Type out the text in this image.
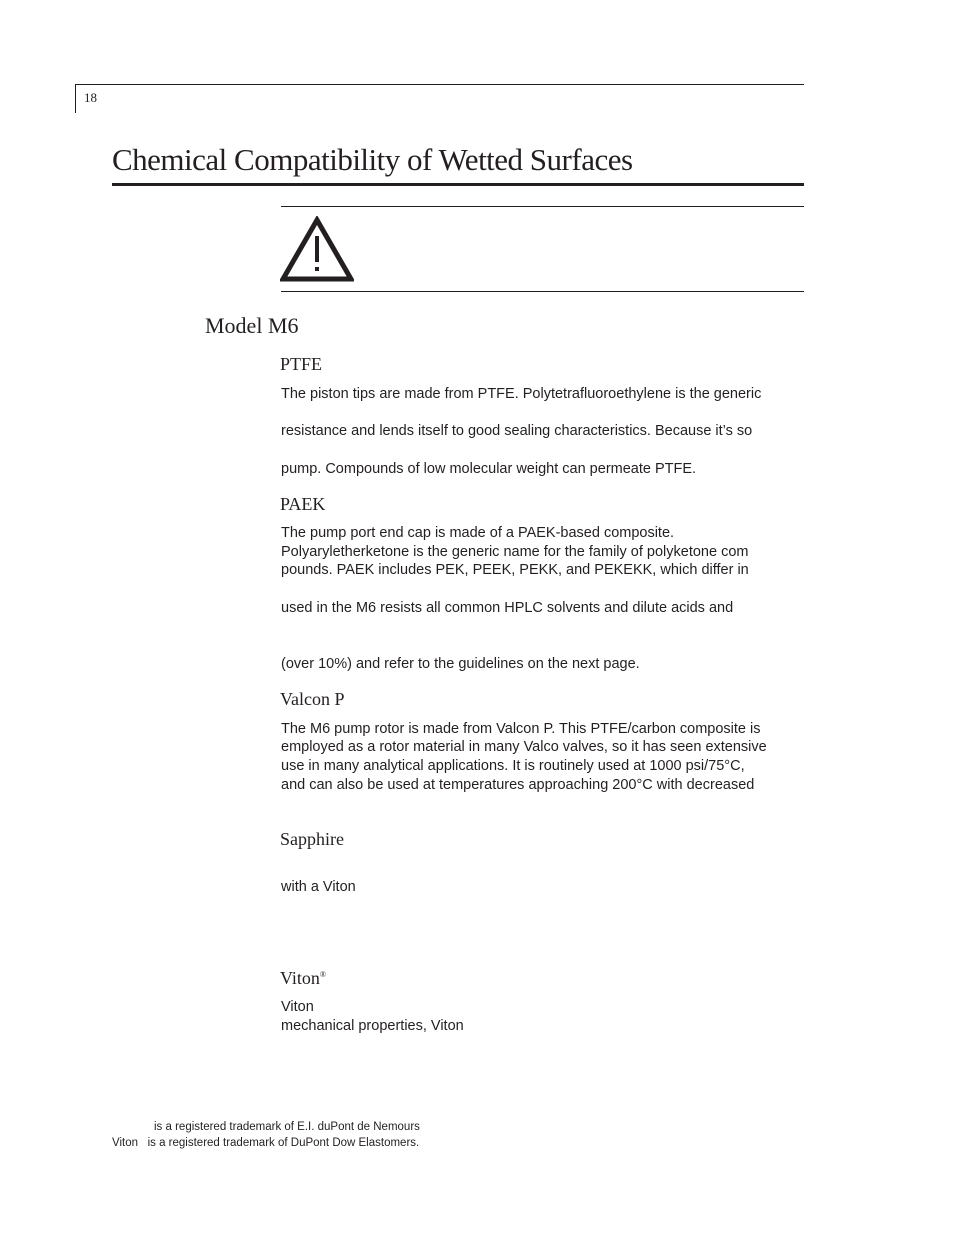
18
Chemical Compatibility of Wetted Surfaces
Model M6
PTFE
The piston tips are made from PTFE. Polytetrafluoroethylene is the generic
resistance and lends itself to good sealing characteristics. Because it’s so
pump. Compounds of low molecular weight can permeate PTFE.
PAEK
The pump port end cap is made of a PAEK-based composite.
Polyaryletherketone is the generic name for the family of polyketone com
pounds. PAEK includes PEK, PEEK, PEKK, and PEKEKK, which differ in
used in the M6 resists all common HPLC solvents and dilute acids and
(over 10%) and refer to the guidelines on the next page.
Valcon P
The M6 pump rotor is made from Valcon P. This PTFE/carbon composite is
employed as a rotor material in many Valco valves, so it has seen extensive
use in many analytical applications. It is routinely used at 1000 psi/75°C,
and can also be used at temperatures approaching 200°C with decreased
Sapphire
with a Viton
Viton®
Viton
mechanical properties, Viton
is a registered trademark of E.I. duPont de Nemours
Viton   is a registered trademark of DuPont Dow Elastomers.
